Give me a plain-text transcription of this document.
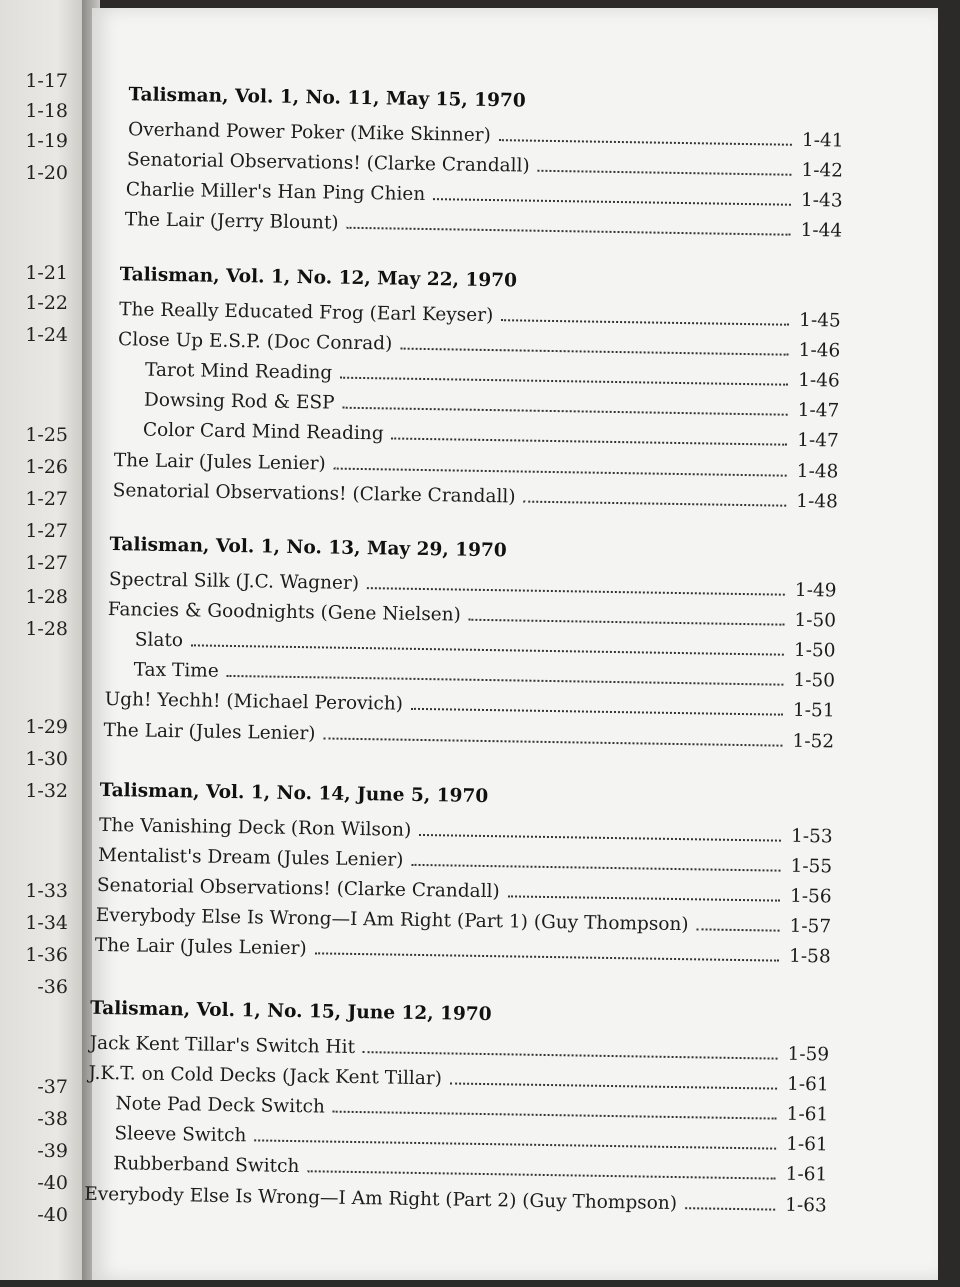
1-17
1-18
1-19
1-20
1-21
1-22
1-24
1-25
1-26
1-27
1-27
1-27
1-28
1-28
1-29
1-30
1-32
1-33
1-34
1-36
-36
-37
-38
-39
-40
-40
Talisman, Vol. 1, No. 11, May 15, 1970
Overhand Power Poker (Mike Skinner)	1-41
Senatorial Observations! (Clarke Crandall)	1-42
Charlie Miller's Han Ping Chien	1-43
The Lair (Jerry Blount)	1-44
Talisman, Vol. 1, No. 12, May 22, 1970
The Really Educated Frog (Earl Keyser)	1-45
Close Up E.S.P. (Doc Conrad)	1-46
Tarot Mind Reading	1-46
Dowsing Rod & ESP	1-47
Color Card Mind Reading	1-47
The Lair (Jules Lenier)	1-48
Senatorial Observations! (Clarke Crandall)	1-48
Talisman, Vol. 1, No. 13, May 29, 1970
Spectral Silk (J.C. Wagner)	1-49
Fancies & Goodnights (Gene Nielsen)	1-50
Slato	1-50
Tax Time	1-50
Ugh! Yechh! (Michael Perovich)	1-51
The Lair (Jules Lenier)	1-52
Talisman, Vol. 1, No. 14, June 5, 1970
The Vanishing Deck (Ron Wilson)	1-53
Mentalist's Dream (Jules Lenier)	1-55
Senatorial Observations! (Clarke Crandall)	1-56
Everybody Else Is Wrong—I Am Right (Part 1) (Guy Thompson)	1-57
The Lair (Jules Lenier)	1-58
Talisman, Vol. 1, No. 15, June 12, 1970
Jack Kent Tillar's Switch Hit	1-59
J.K.T. on Cold Decks (Jack Kent Tillar)	1-61
Note Pad Deck Switch	1-61
Sleeve Switch	1-61
Rubberband Switch	1-61
Everybody Else Is Wrong—I Am Right (Part 2) (Guy Thompson)	1-63
